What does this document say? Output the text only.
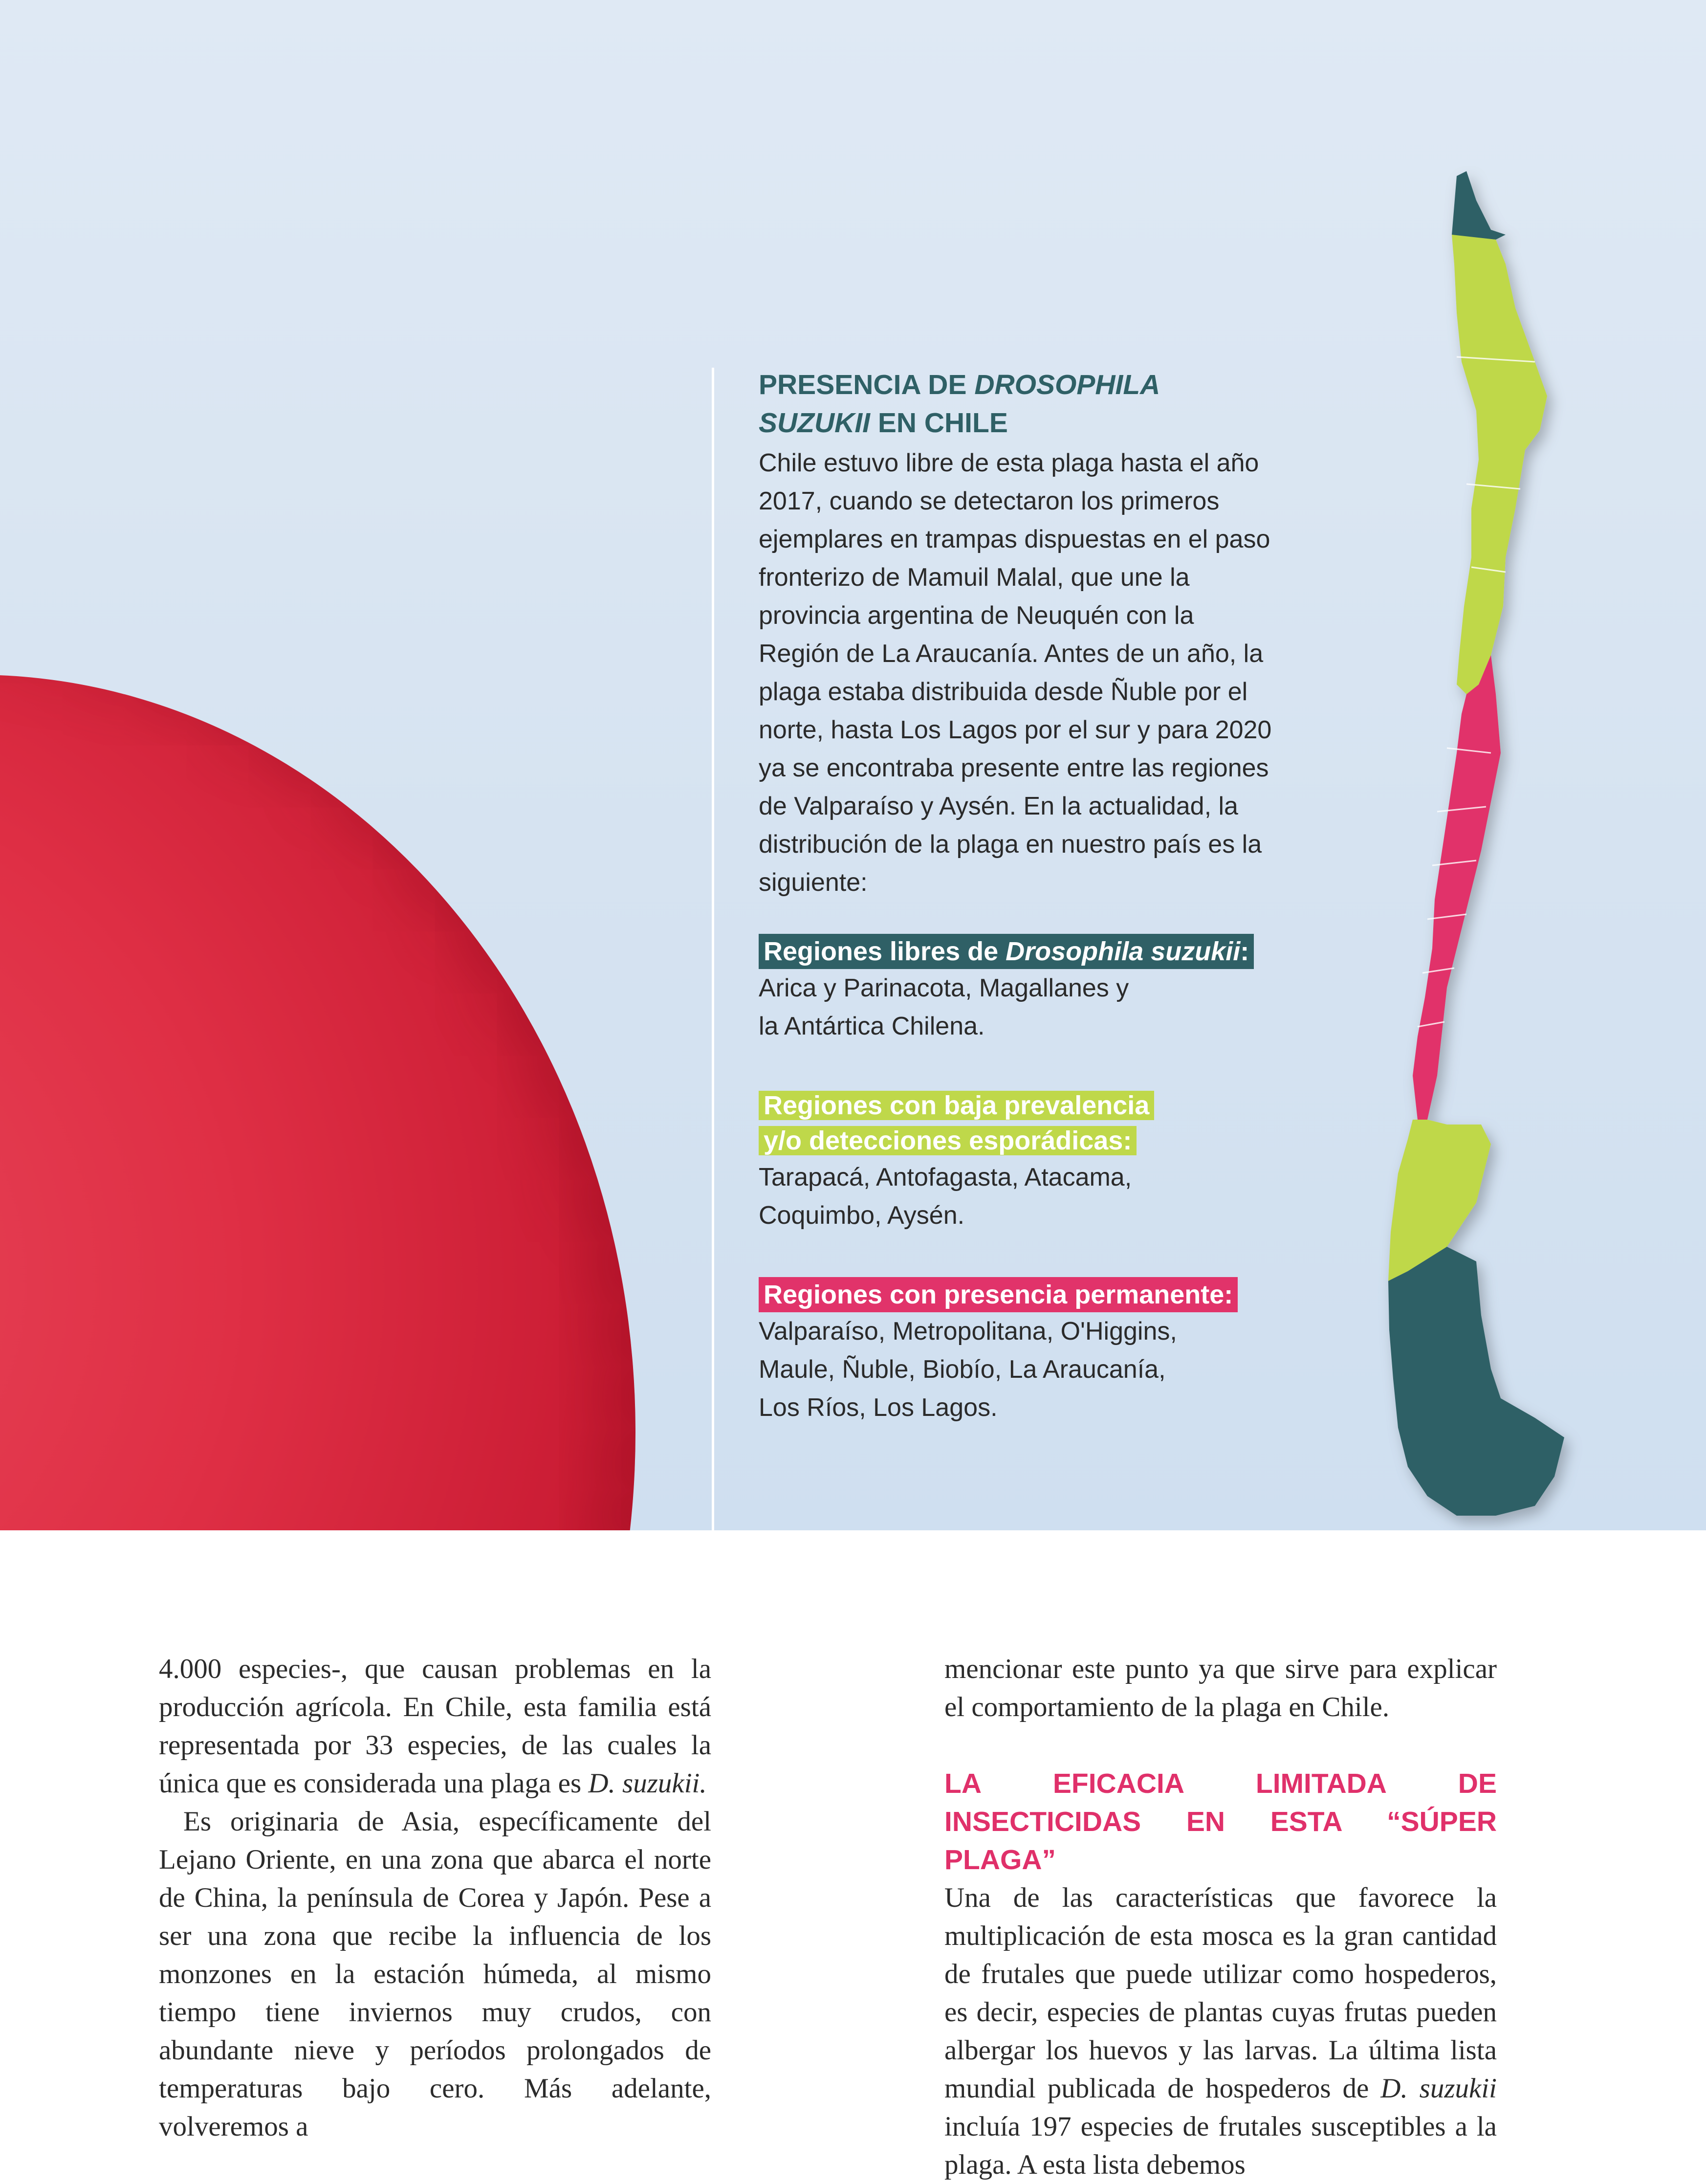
PRESENCIA DE DROSOPHILA SUZUKII EN CHILE
Chile estuvo libre de esta plaga hasta el año 2017, cuando se detectaron los primeros ejemplares en trampas dispuestas en el paso fronterizo de Mamuil Malal, que une la provincia argentina de Neuquén con la Región de La Araucanía. Antes de un año, la plaga estaba distribuida desde Ñuble por el norte, hasta Los Lagos por el sur y para 2020 ya se encontraba presente entre las regiones de Valparaíso y Aysén. En la actualidad, la distribución de la plaga en nuestro país es la siguiente:
Regiones libres de Drosophila suzukii:
Arica y Parinacota, Magallanes y la Antártica Chilena.
Regiones con baja prevalencia y/o detecciones esporádicas:
Tarapacá, Antofagasta, Atacama, Coquimbo, Aysén.
Regiones con presencia permanente:
Valparaíso, Metropolitana, O'Higgins, Maule, Ñuble, Biobío, La Araucanía, Los Ríos, Los Lagos.

4.000 especies-, que causan problemas en la producción agrícola. En Chile, esta familia está representada por 33 especies, de las cuales la única que es considerada una plaga es D. suzukii.

Es originaria de Asia, específicamente del Lejano Oriente, en una zona que abarca el norte de China, la península de Corea y Japón. Pese a ser una zona que recibe la influencia de los monzones en la estación húmeda, al mismo tiempo tiene inviernos muy crudos, con abundante nieve y períodos prolongados de temperaturas bajo cero. Más adelante, volveremos a

mencionar este punto ya que sirve para explicar el comportamiento de la plaga en Chile.

LA EFICACIA LIMITADA DE INSECTICIDAS EN ESTA “SÚPER PLAGA”

Una de las características que favorece la multiplicación de esta mosca es la gran cantidad de frutales que puede utilizar como hospederos, es decir, especies de plantas cuyas frutas pueden albergar los huevos y las larvas. La última lista mundial publicada de hospederos de D. suzukii incluía 197 especies de frutales susceptibles a la plaga. A esta lista debemos
